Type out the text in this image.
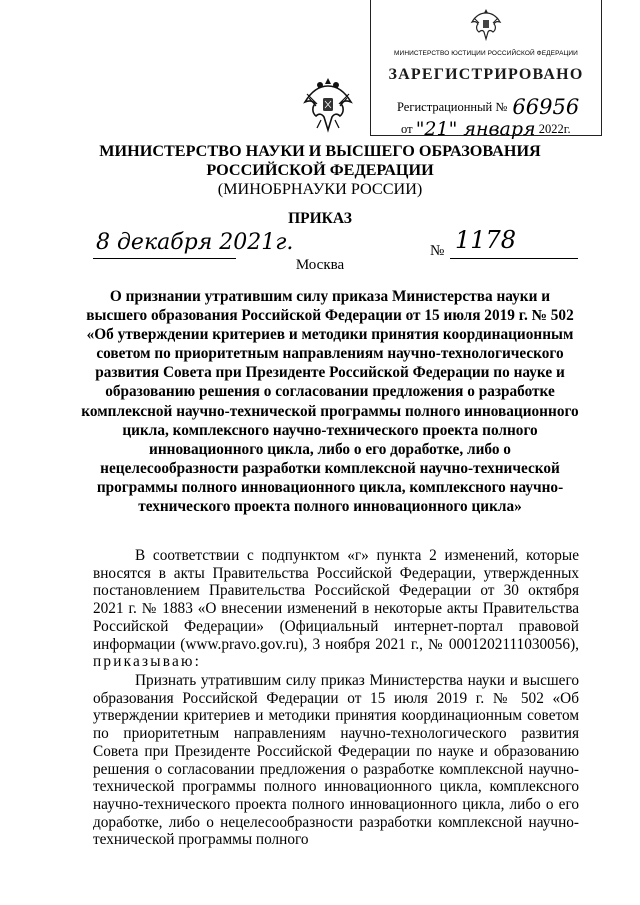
МИНИСТЕРСТВО ЮСТИЦИИ РОССИЙСКОЙ ФЕДЕРАЦИИ
ЗАРЕГИСТРИРОВАНО
Регистрационный № 66956
от "21" января 2022г.
МИНИСТЕРСТВО НАУКИ И ВЫСШЕГО ОБРАЗОВАНИЯ
РОССИЙСКОЙ ФЕДЕРАЦИИ
(МИНОБРНАУКИ РОССИИ)
ПРИКАЗ
8 декабря 2021г.	№ 1178
Москва
О признании утратившим силу приказа Министерства науки и высшего образования Российской Федерации от 15 июля 2019 г. № 502 «Об утверждении критериев и методики принятия координационным советом по приоритетным направлениям научно-технологического развития Совета при Президенте Российской Федерации по науке и образованию решения о согласовании предложения о разработке комплексной научно-технической программы полного инновационного цикла, комплексного научно-технического проекта полного инновационного цикла, либо о его доработке, либо о нецелесообразности разработки комплексной научно-технической программы полного инновационного цикла, комплексного научно-технического проекта полного инновационного цикла»
В соответствии с подпунктом «г» пункта 2 изменений, которые вносятся в акты Правительства Российской Федерации, утвержденных постановлением Правительства Российской Федерации от 30 октября 2021 г. № 1883 «О внесении изменений в некоторые акты Правительства Российской Федерации» (Официальный интернет-портал правовой информации (www.pravo.gov.ru), 3 ноября 2021 г., № 0001202111030056), приказываю:
Признать утратившим силу приказ Министерства науки и высшего образования Российской Федерации от 15 июля 2019 г. № 502 «Об утверждении критериев и методики принятия координационным советом по приоритетным направлениям научно-технологического развития Совета при Президенте Российской Федерации по науке и образованию решения о согласовании предложения о разработке комплексной научно-технической программы полного инновационного цикла, комплексного научно-технического проекта полного инновационного цикла, либо о его доработке, либо о нецелесообразности разработки комплексной научно-технической программы полного
